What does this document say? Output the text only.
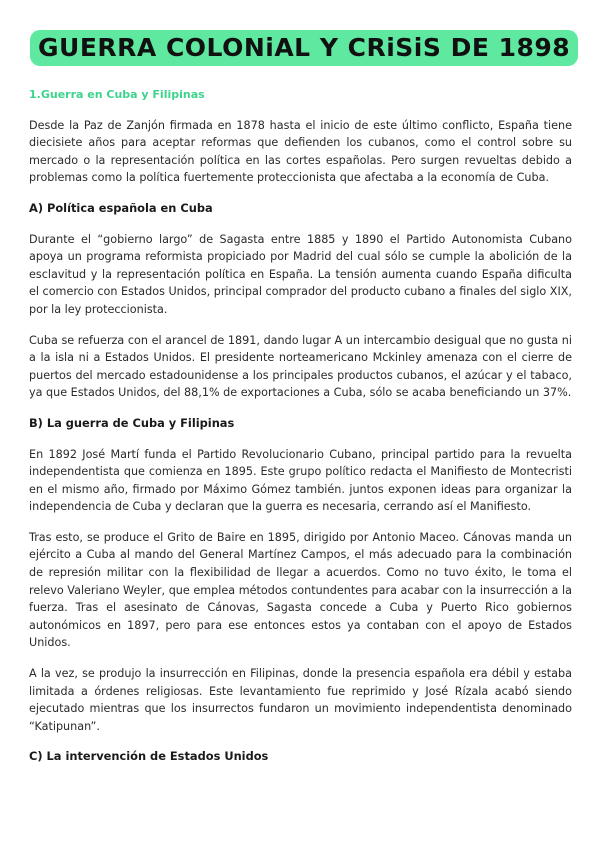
GUERRA COLONiAL Y CRiSiS DE 1898
1.Guerra en Cuba y Filipinas

Desde la Paz de Zanjón firmada en 1878 hasta el inicio de este último conflicto, España tiene diecisiete años para aceptar reformas que defienden los cubanos, como el control sobre su mercado o la representación política en las cortes españolas. Pero surgen revueltas debido a problemas como la política fuertemente proteccionista que afectaba a la economía de Cuba.

A) Política española en Cuba

Durante el “gobierno largo” de Sagasta entre 1885 y 1890 el Partido Autonomista Cubano apoya un programa reformista propiciado por Madrid del cual sólo se cumple la abolición de la esclavitud y la representación política en España. La tensión aumenta cuando España dificulta el comercio con Estados Unidos, principal comprador del producto cubano a finales del siglo XIX, por la ley proteccionista.

Cuba se refuerza con el arancel de 1891, dando lugar A un intercambio desigual que no gusta ni a la isla ni a Estados Unidos. El presidente norteamericano Mckinley amenaza con el cierre de puertos del mercado estadounidense a los principales productos cubanos, el azúcar y el tabaco, ya que Estados Unidos, del 88,1% de exportaciones a Cuba, sólo se acaba beneficiando un 37%.

B) La guerra de Cuba y Filipinas

En 1892 José Martí funda el Partido Revolucionario Cubano, principal partido para la revuelta independentista que comienza en 1895. Este grupo político redacta el Manifiesto de Montecristi en el mismo año, firmado por Máximo Gómez también. juntos exponen ideas para organizar la independencia de Cuba y declaran que la guerra es necesaria, cerrando así el Manifiesto.

Tras esto, se produce el Grito de Baire en 1895, dirigido por Antonio Maceo. Cánovas manda un ejército a Cuba al mando del General Martínez Campos, el más adecuado para la combinación de represión militar con la flexibilidad de llegar a acuerdos. Como no tuvo éxito, le toma el relevo Valeriano Weyler, que emplea métodos contundentes para acabar con la insurrección a la fuerza. Tras el asesinato de Cánovas, Sagasta concede a Cuba y Puerto Rico gobiernos autonómicos en 1897, pero para ese entonces estos ya contaban con el apoyo de Estados Unidos.

A la vez, se produjo la insurrección en Filipinas, donde la presencia española era débil y estaba limitada a órdenes religiosas. Este levantamiento fue reprimido y José Rízala acabó siendo ejecutado mientras que los insurrectos fundaron un movimiento independentista denominado “Katipunan”.

C) La intervención de Estados Unidos
